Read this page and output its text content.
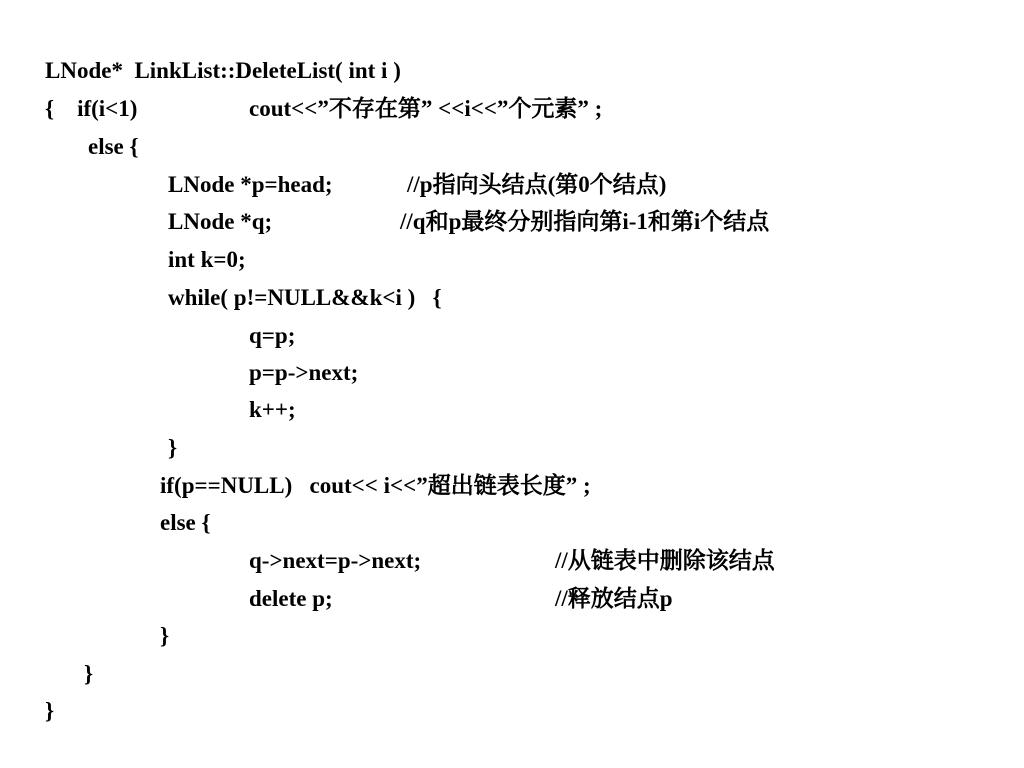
LNode*  LinkList::DeleteList( int i )
{    if(i<1)	cout<<”不存在第” <<i<<”个元素” ;
else {
LNode *p=head;	//p指向头结点(第0个结点)
LNode *q;	//q和p最终分别指向第i-1和第i个结点
int k=0;
while( p!=NULL&&k<i )   {
q=p;
p=p->next;
k++;
}
if(p==NULL)   cout<< i<<”超出链表长度” ;
else {
q->next=p->next;	//从链表中删除该结点
delete p;	//释放结点p
}
}
}
